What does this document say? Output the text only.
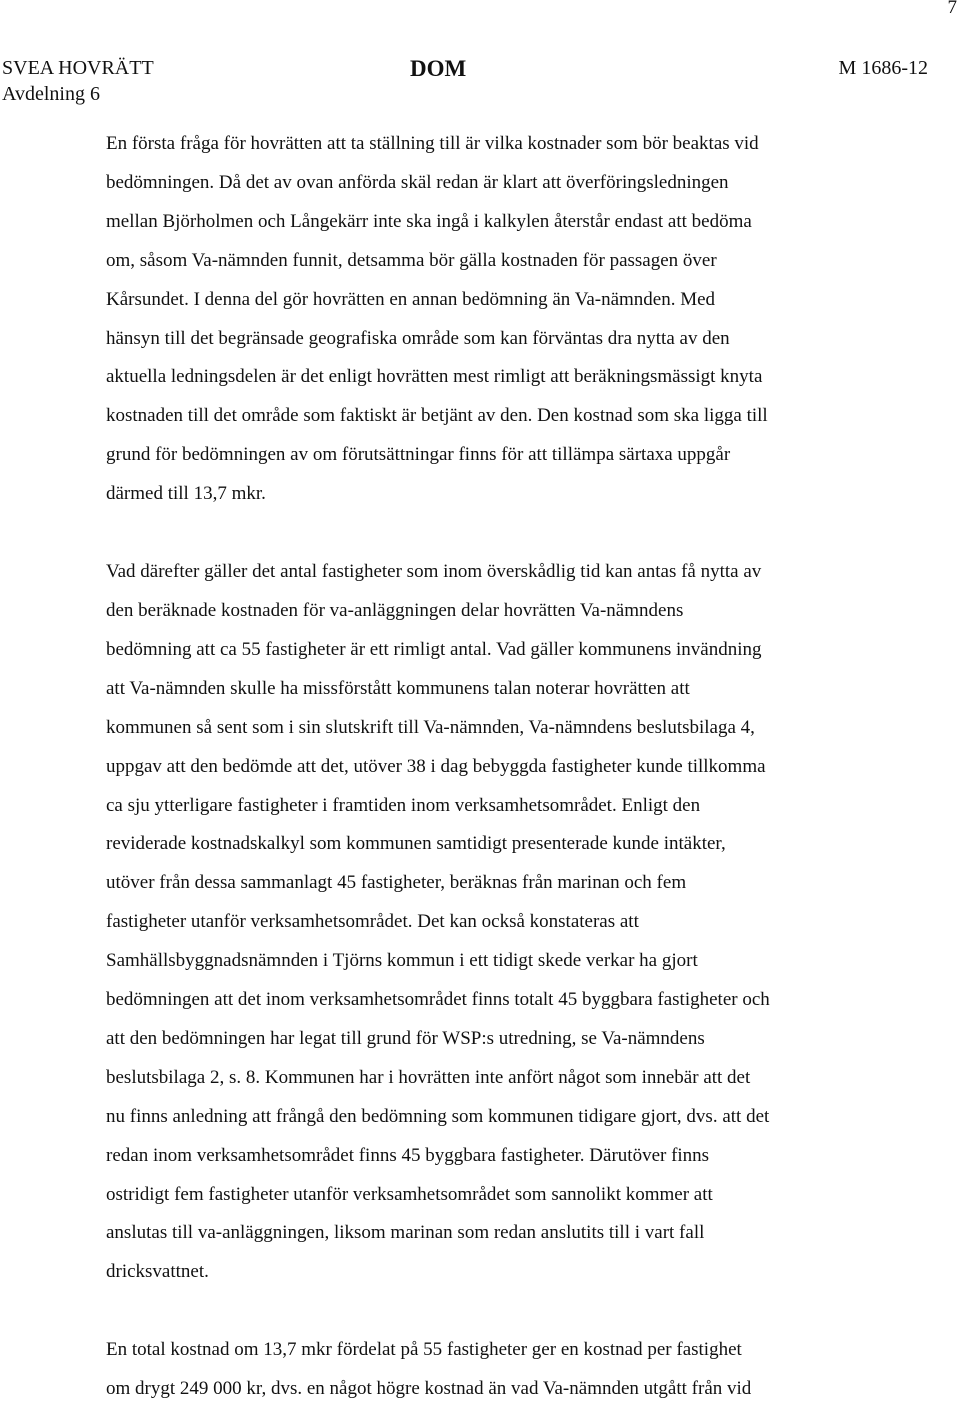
7
SVEA HOVRÄTT
Avdelning 6
DOM	M 1686-12

En första fråga för hovrätten att ta ställning till är vilka kostnader som bör beaktas vid
bedömningen. Då det av ovan anförda skäl redan är klart att överföringsledningen
mellan Björholmen och Långekärr inte ska ingå i kalkylen återstår endast att bedöma
om, såsom Va-nämnden funnit, detsamma bör gälla kostnaden för passagen över
Kårsundet. I denna del gör hovrätten en annan bedömning än Va-nämnden. Med
hänsyn till det begränsade geografiska område som kan förväntas dra nytta av den
aktuella ledningsdelen är det enligt hovrätten mest rimligt att beräkningsmässigt knyta
kostnaden till det område som faktiskt är betjänt av den. Den kostnad som ska ligga till
grund för bedömningen av om förutsättningar finns för att tillämpa särtaxa uppgår
därmed till 13,7 mkr.

Vad därefter gäller det antal fastigheter som inom överskådlig tid kan antas få nytta av
den beräknade kostnaden för va-anläggningen delar hovrätten Va-nämndens
bedömning att ca 55 fastigheter är ett rimligt antal. Vad gäller kommunens invändning
att Va-nämnden skulle ha missförstått kommunens talan noterar hovrätten att
kommunen så sent som i sin slutskrift till Va-nämnden, Va-nämndens beslutsbilaga 4,
uppgav att den bedömde att det, utöver 38 i dag bebyggda fastigheter kunde tillkomma
ca sju ytterligare fastigheter i framtiden inom verksamhetsområdet. Enligt den
reviderade kostnadskalkyl som kommunen samtidigt presenterade kunde intäkter,
utöver från dessa sammanlagt 45 fastigheter, beräknas från marinan och fem
fastigheter utanför verksamhetsområdet. Det kan också konstateras att
Samhällsbyggnadsnämnden i Tjörns kommun i ett tidigt skede verkar ha gjort
bedömningen att det inom verksamhetsområdet finns totalt 45 byggbara fastigheter och
att den bedömningen har legat till grund för WSP:s utredning, se Va-nämndens
beslutsbilaga 2, s. 8. Kommunen har i hovrätten inte anfört något som innebär att det
nu finns anledning att frångå den bedömning som kommunen tidigare gjort, dvs. att det
redan inom verksamhetsområdet finns 45 byggbara fastigheter. Därutöver finns
ostridigt fem fastigheter utanför verksamhetsområdet som sannolikt kommer att
anslutas till va-anläggningen, liksom marinan som redan anslutits till i vart fall
dricksvattnet.

En total kostnad om 13,7 mkr fördelat på 55 fastigheter ger en kostnad per fastighet
om drygt 249 000 kr, dvs. en något högre kostnad än vad Va-nämnden utgått från vid
